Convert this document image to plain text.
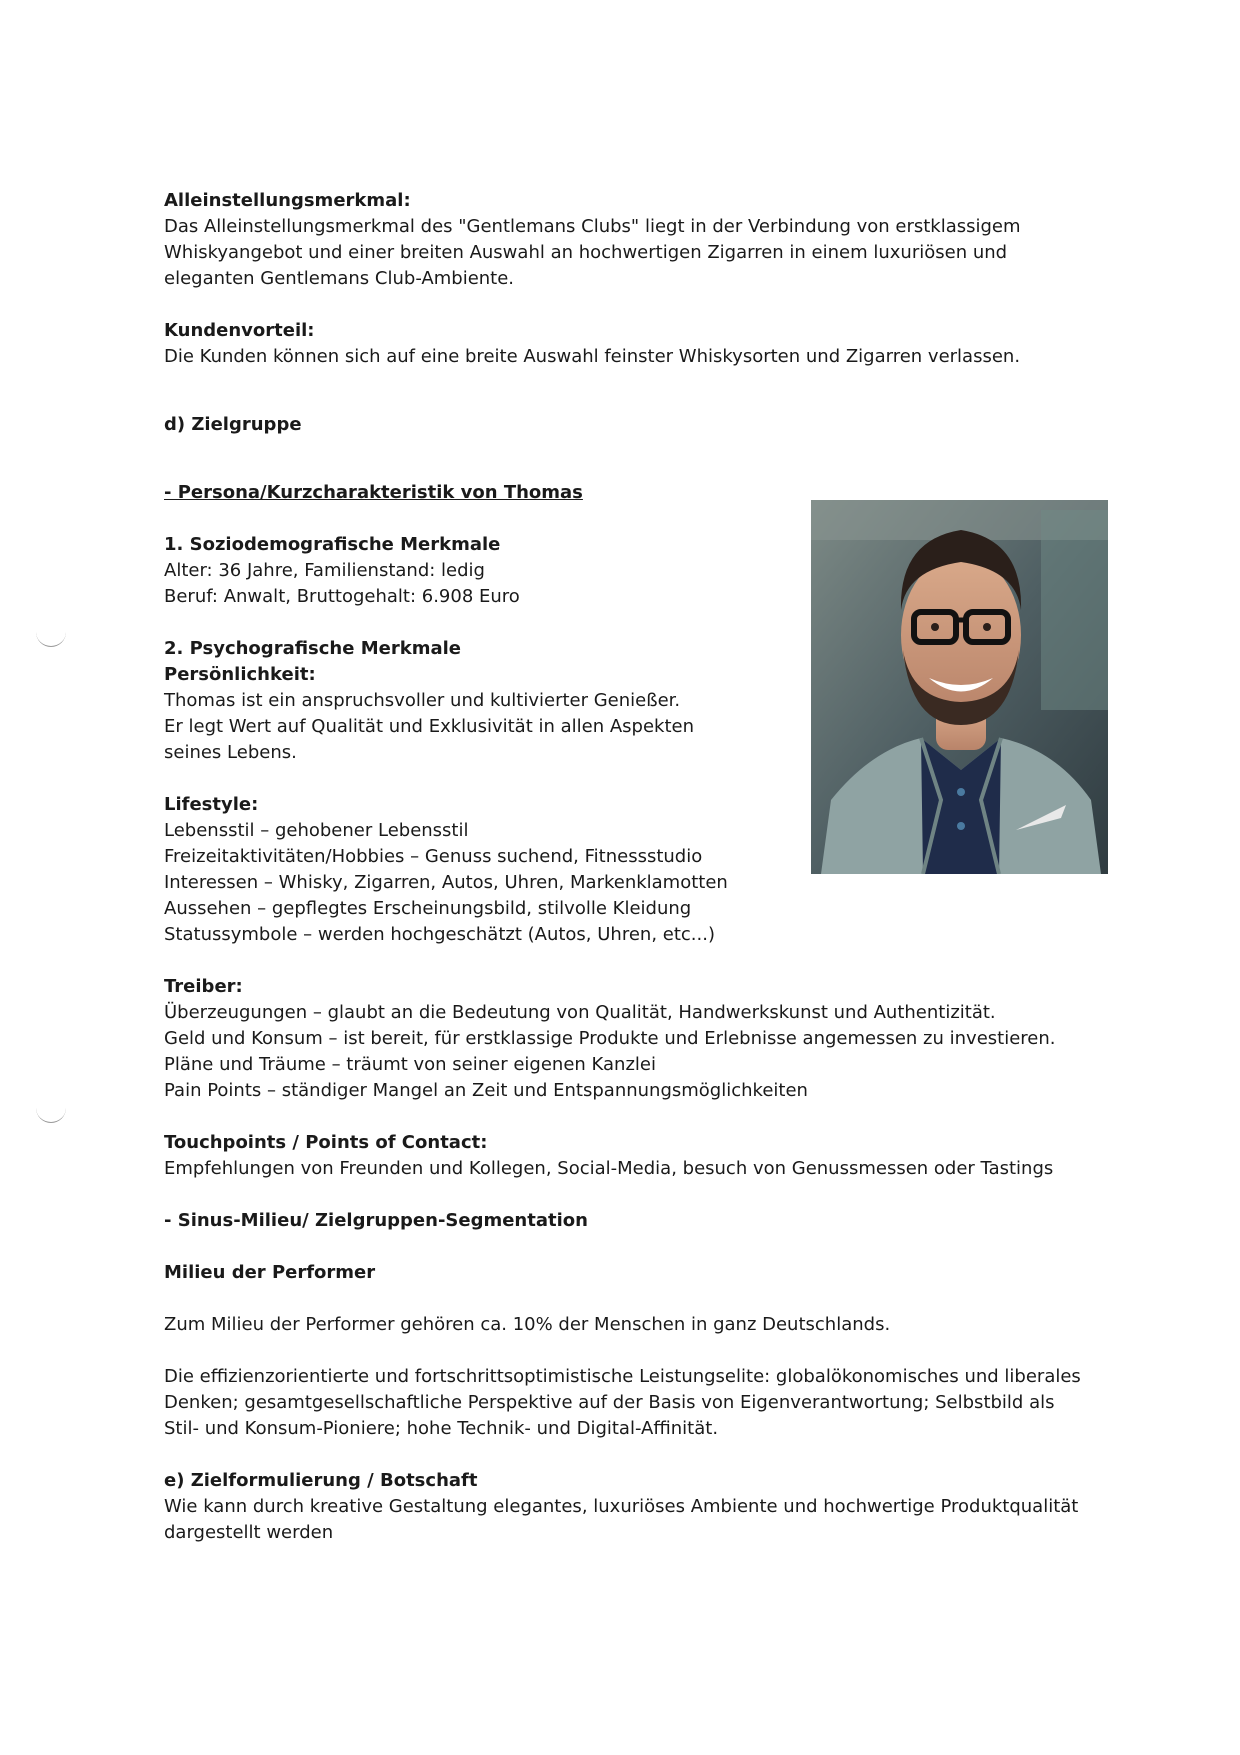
Alleinstellungsmerkmal:
Das Alleinstellungsmerkmal des "Gentlemans Clubs" liegt in der Verbindung von erstklassigem
Whiskyangebot und einer breiten Auswahl an hochwertigen Zigarren in einem luxuriösen und
eleganten Gentlemans Club-Ambiente.
Kundenvorteil:
Die Kunden können sich auf eine breite Auswahl feinster Whiskysorten und Zigarren verlassen.
d) Zielgruppe
- Persona/Kurzcharakteristik von Thomas
1. Soziodemografische Merkmale
Alter: 36 Jahre, Familienstand: ledig
Beruf: Anwalt, Bruttogehalt: 6.908 Euro
2. Psychografische Merkmale
Persönlichkeit:
Thomas ist ein anspruchsvoller und kultivierter Genießer.
Er legt Wert auf Qualität und Exklusivität in allen Aspekten
seines Lebens.
Lifestyle:
Lebensstil – gehobener Lebensstil
Freizeitaktivitäten/Hobbies – Genuss suchend, Fitnessstudio
Interessen – Whisky, Zigarren, Autos, Uhren, Markenklamotten
Aussehen – gepflegtes Erscheinungsbild, stilvolle Kleidung
Statussymbole – werden hochgeschätzt (Autos, Uhren, etc...)
Treiber:
Überzeugungen – glaubt an die Bedeutung von Qualität, Handwerkskunst und Authentizität.
Geld und Konsum – ist bereit, für erstklassige Produkte und Erlebnisse angemessen zu investieren.
Pläne und Träume – träumt von seiner eigenen Kanzlei
Pain Points – ständiger Mangel an Zeit und Entspannungsmöglichkeiten
Touchpoints / Points of Contact:
Empfehlungen von Freunden und Kollegen, Social-Media, besuch von Genussmessen oder Tastings
- Sinus-Milieu/ Zielgruppen-Segmentation
Milieu der Performer
Zum Milieu der Performer gehören ca. 10% der Menschen in ganz Deutschlands.
Die effizienzorientierte und fortschrittsoptimistische Leistungselite: globalökonomisches und liberales
Denken; gesamtgesellschaftliche Perspektive auf der Basis von Eigenverantwortung; Selbstbild als
Stil- und Konsum-Pioniere; hohe Technik- und Digital-Affinität.
e) Zielformulierung / Botschaft
Wie kann durch kreative Gestaltung elegantes, luxuriöses Ambiente und hochwertige Produktqualität
dargestellt werden
